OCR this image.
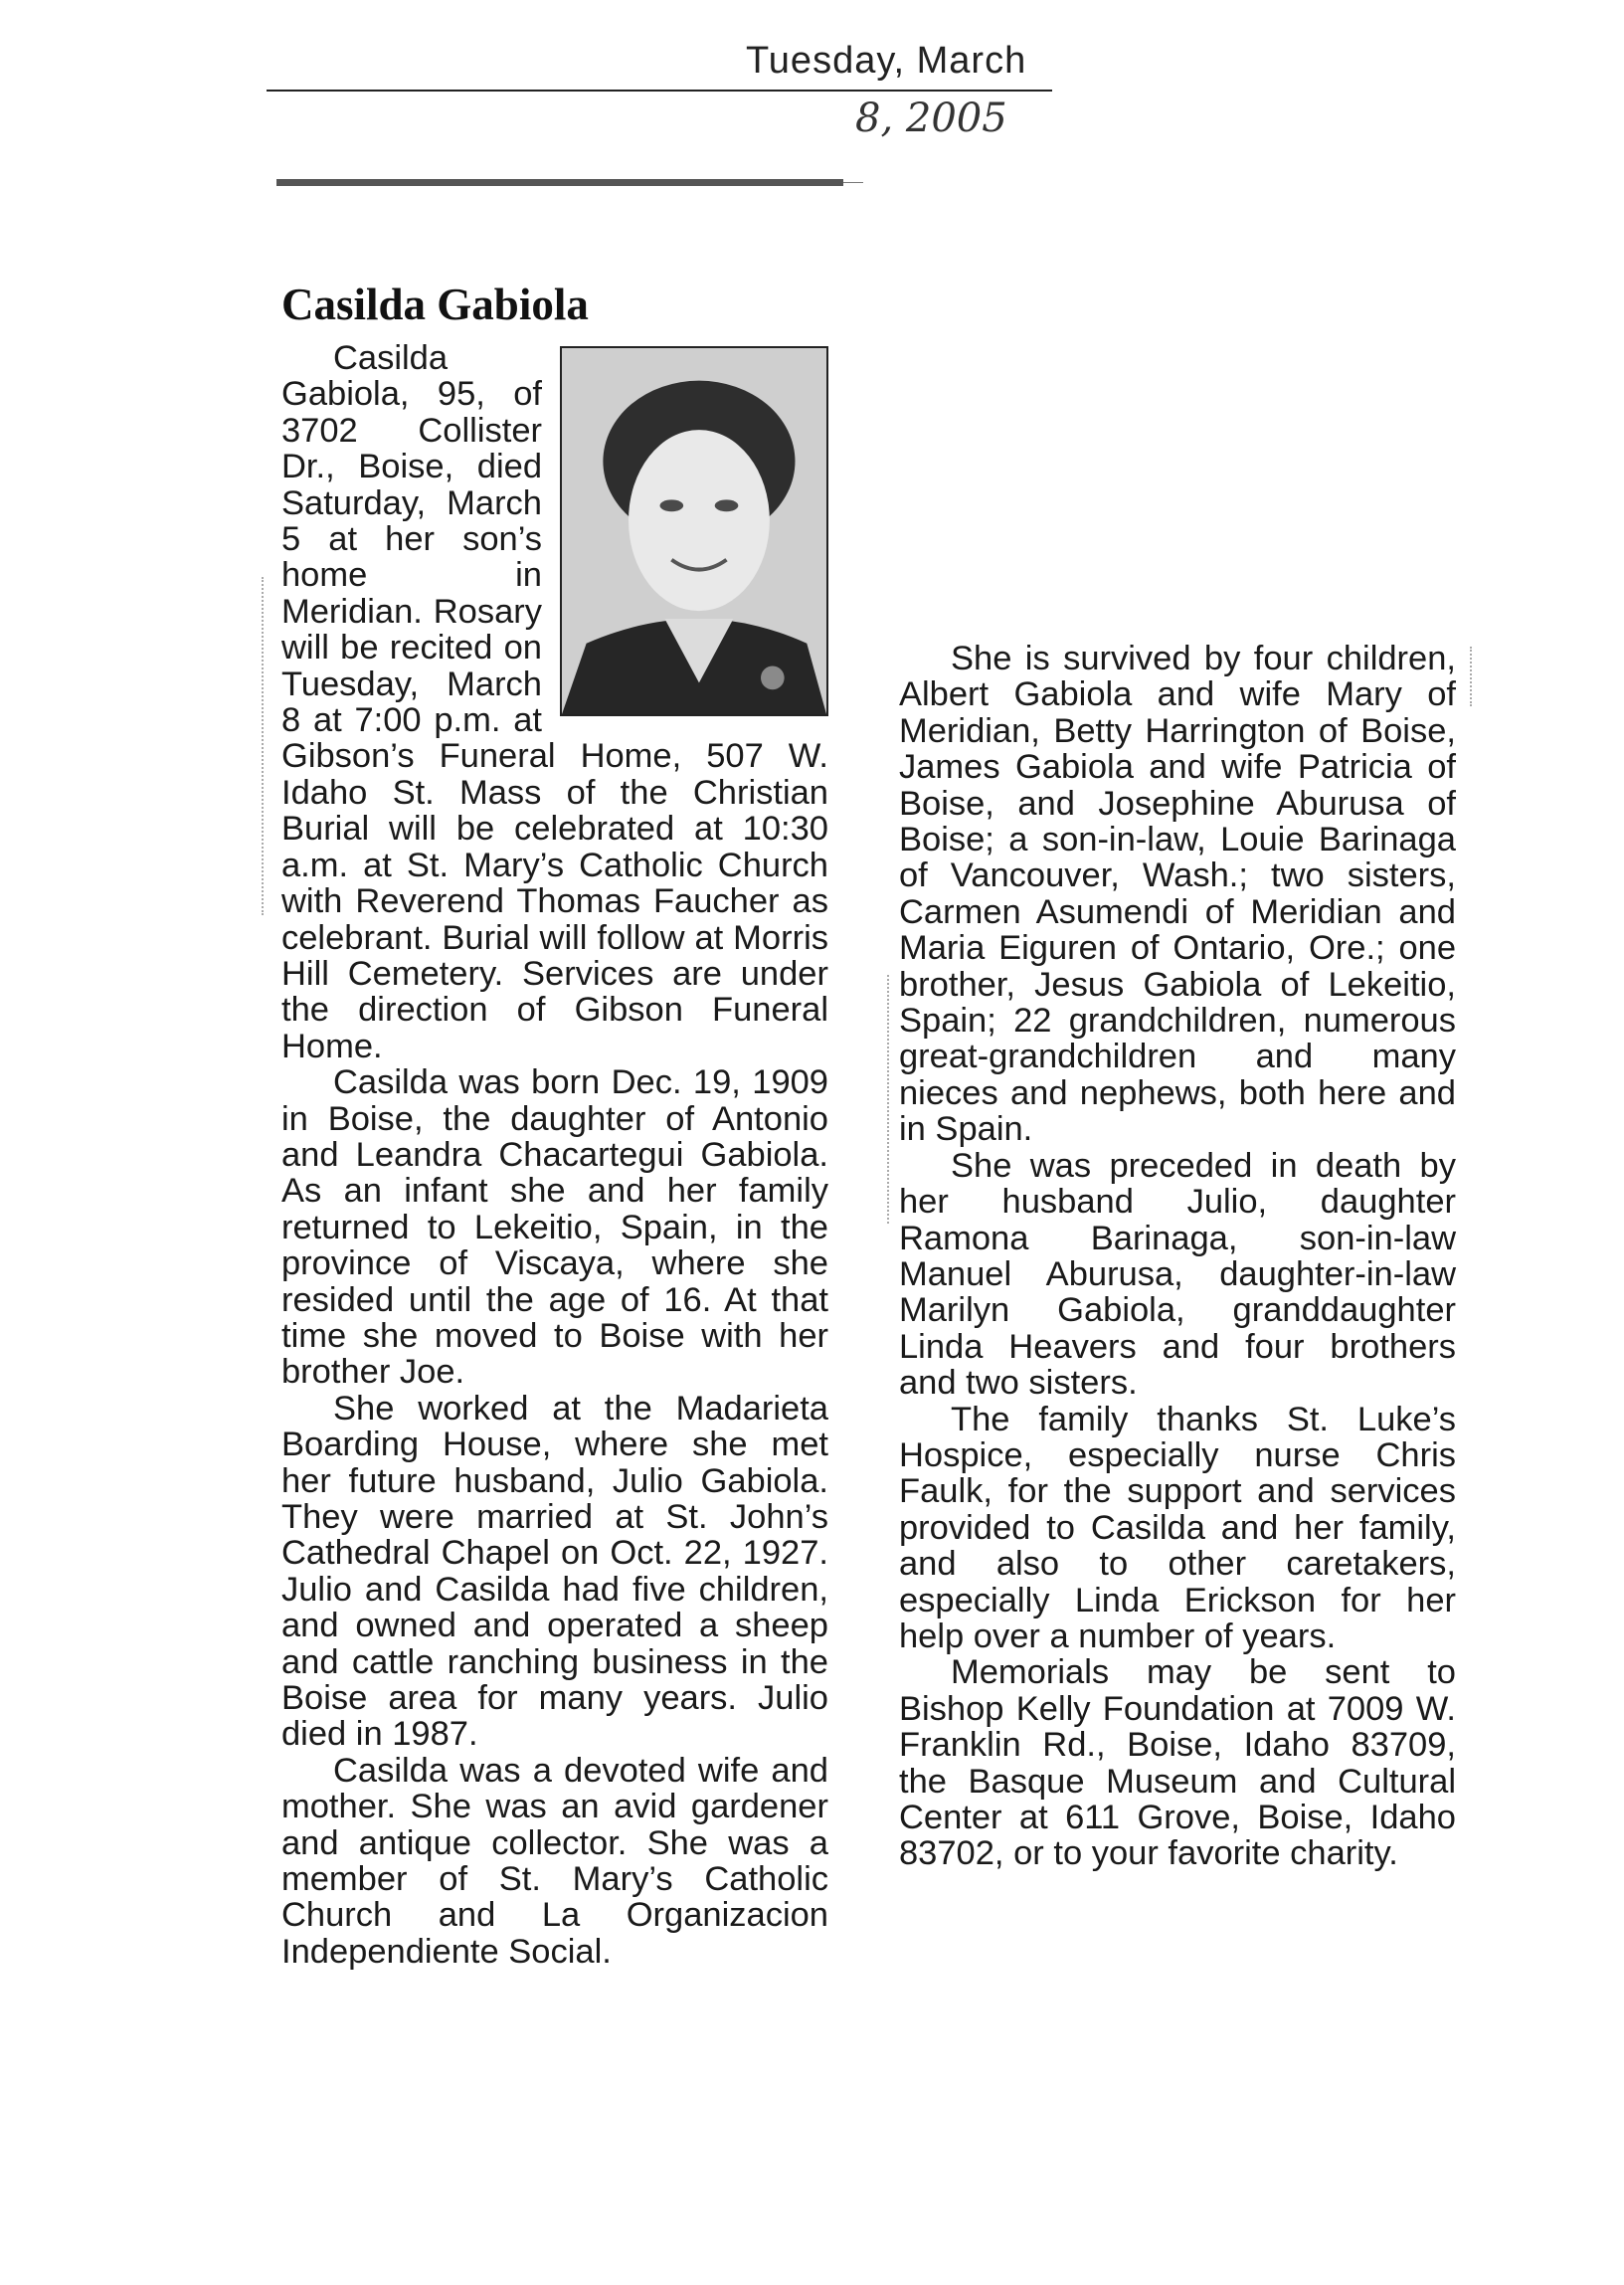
Tuesday, March
8, 2005
Casilda Gabiola

Casilda Gabiola, 95, of 3702 Collister Dr., Boise, died Saturday, March 5 at her son’s home in Meridian. Rosary will be recited on Tuesday, March 8 at 7:00 p.m. at Gibson’s Funeral Home, 507 W. Idaho St. Mass of the Christian Burial will be celebrated at 10:30 a.m. at St. Mary’s Catholic Church with Reverend Thomas Faucher as celebrant. Burial will follow at Morris Hill Cemetery. Services are under the direction of Gibson Funeral Home.

Casilda was born Dec. 19, 1909 in Boise, the daughter of Antonio and Leandra Chacartegui Gabiola. As an infant she and her family returned to Lekeitio, Spain, in the province of Viscaya, where she resided until the age of 16. At that time she moved to Boise with her brother Joe.

She worked at the Madarieta Boarding House, where she met her future husband, Julio Gabiola. They were married at St. John’s Cathedral Chapel on Oct. 22, 1927. Julio and Casilda had five children, and owned and operated a sheep and cattle ranching business in the Boise area for many years. Julio died in 1987.

Casilda was a devoted wife and mother. She was an avid gardener and antique collector. She was a member of St. Mary’s Catholic Church and La Organizacion Independiente Social.

She is survived by four children, Albert Gabiola and wife Mary of Meridian, Betty Harrington of Boise, James Gabiola and wife Patricia of Boise, and Josephine Aburusa of Boise; a son-in-law, Louie Barinaga of Vancouver, Wash.; two sisters, Carmen Asumendi of Meridian and Maria Eiguren of Ontario, Ore.; one brother, Jesus Gabiola of Lekeitio, Spain; 22 grandchildren, numerous great-grandchildren and many nieces and nephews, both here and in Spain.

She was preceded in death by her husband Julio, daughter Ramona Barinaga, son-in-law Manuel Aburusa, daughter-in-law Marilyn Gabiola, granddaughter Linda Heavers and four brothers and two sisters.

The family thanks St. Luke’s Hospice, especially nurse Chris Faulk, for the support and services provided to Casilda and her family, and also to other caretakers, especially Linda Erickson for her help over a number of years.

Memorials may be sent to Bishop Kelly Foundation at 7009 W. Franklin Rd., Boise, Idaho 83709, the Basque Museum and Cultural Center at 611 Grove, Boise, Idaho 83702, or to your favorite charity.
